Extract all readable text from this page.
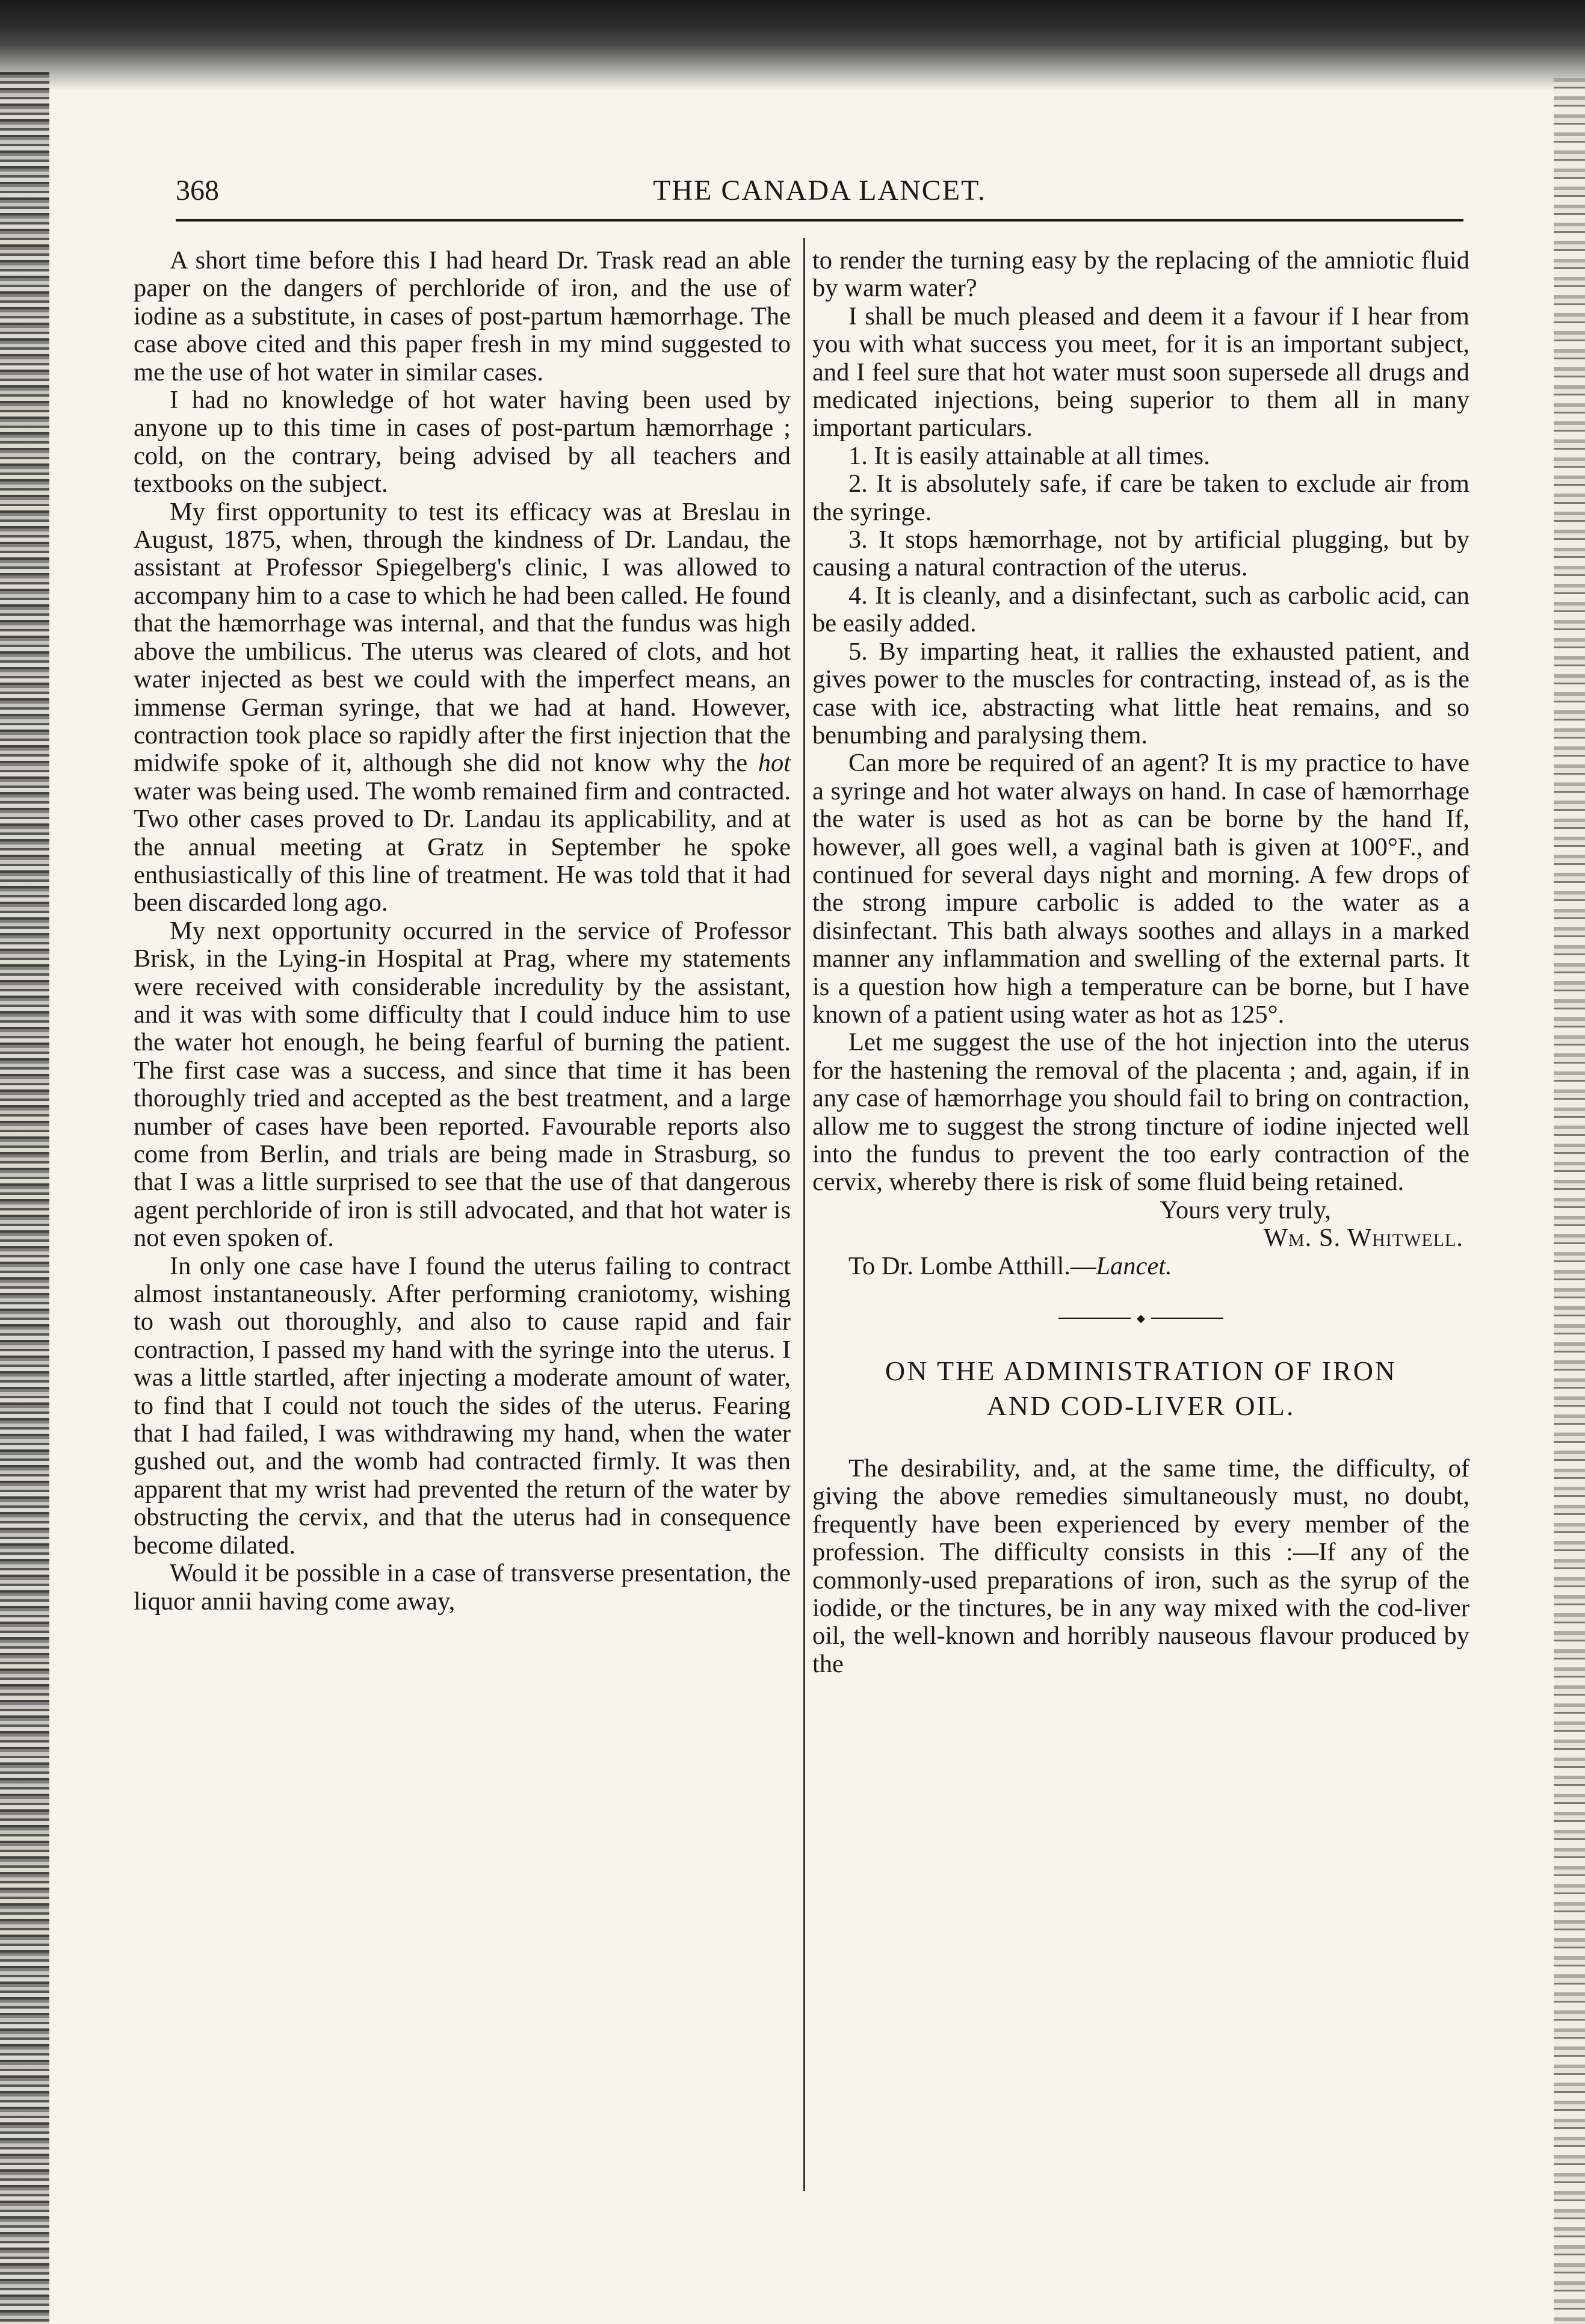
368	THE CANADA LANCET.

A short time before this I had heard Dr. Trask read an able paper on the dangers of perchloride of iron, and the use of iodine as a substitute, in cases of post-partum hæmorrhage. The case above cited and this paper fresh in my mind suggested to me the use of hot water in similar cases.

I had no knowledge of hot water having been used by anyone up to this time in cases of post-partum hæmorrhage ; cold, on the contrary, being advised by all teachers and textbooks on the subject.

My first opportunity to test its efficacy was at Breslau in August, 1875, when, through the kindness of Dr. Landau, the assistant at Professor Spiegelberg's clinic, I was allowed to accompany him to a case to which he had been called. He found that the hæmorrhage was internal, and that the fundus was high above the umbilicus. The uterus was cleared of clots, and hot water injected as best we could with the imperfect means, an immense German syringe, that we had at hand. However, contraction took place so rapidly after the first injection that the midwife spoke of it, although she did not know why the hot water was being used. The womb remained firm and contracted. Two other cases proved to Dr. Landau its applicability, and at the annual meeting at Gratz in September he spoke enthusiastically of this line of treatment. He was told that it had been discarded long ago.

My next opportunity occurred in the service of Professor Brisk, in the Lying-in Hospital at Prag, where my statements were received with considerable incredulity by the assistant, and it was with some difficulty that I could induce him to use the water hot enough, he being fearful of burning the patient. The first case was a success, and since that time it has been thoroughly tried and accepted as the best treatment, and a large number of cases have been reported. Favourable reports also come from Berlin, and trials are being made in Strasburg, so that I was a little surprised to see that the use of that dangerous agent perchloride of iron is still advocated, and that hot water is not even spoken of.

In only one case have I found the uterus failing to contract almost instantaneously. After performing craniotomy, wishing to wash out thoroughly, and also to cause rapid and fair contraction, I passed my hand with the syringe into the uterus. I was a little startled, after injecting a moderate amount of water, to find that I could not touch the sides of the uterus. Fearing that I had failed, I was withdrawing my hand, when the water gushed out, and the womb had contracted firmly. It was then apparent that my wrist had prevented the return of the water by obstructing the cervix, and that the uterus had in consequence become dilated.

Would it be possible in a case of transverse presentation, the liquor annii having come away,

to render the turning easy by the replacing of the amniotic fluid by warm water?

I shall be much pleased and deem it a favour if I hear from you with what success you meet, for it is an important subject, and I feel sure that hot water must soon supersede all drugs and medicated injections, being superior to them all in many important particulars.

1. It is easily attainable at all times.

2. It is absolutely safe, if care be taken to exclude air from the syringe.

3. It stops hæmorrhage, not by artificial plugging, but by causing a natural contraction of the uterus.

4. It is cleanly, and a disinfectant, such as carbolic acid, can be easily added.

5. By imparting heat, it rallies the exhausted patient, and gives power to the muscles for contracting, instead of, as is the case with ice, abstracting what little heat remains, and so benumbing and paralysing them.

Can more be required of an agent? It is my practice to have a syringe and hot water always on hand. In case of hæmorrhage the water is used as hot as can be borne by the hand If, however, all goes well, a vaginal bath is given at 100°F., and continued for several days night and morning. A few drops of the strong impure carbolic is added to the water as a disinfectant. This bath always soothes and allays in a marked manner any inflammation and swelling of the external parts. It is a question how high a temperature can be borne, but I have known of a patient using water as hot as 125°.

Let me suggest the use of the hot injection into the uterus for the hastening the removal of the placenta ; and, again, if in any case of hæmorrhage you should fail to bring on contraction, allow me to suggest the strong tincture of iodine injected well into the fundus to prevent the too early contraction of the cervix, whereby there is risk of some fluid being retained.

Yours very truly,

Wm. S. Whitwell.

To Dr. Lombe Atthill.—Lancet.

◆
ON THE ADMINISTRATION OF IRON
AND COD-LIVER OIL.

The desirability, and, at the same time, the difficulty, of giving the above remedies simultaneously must, no doubt, frequently have been experienced by every member of the profession. The difficulty consists in this :—If any of the commonly-used preparations of iron, such as the syrup of the iodide, or the tinctures, be in any way mixed with the cod-liver oil, the well-known and horribly nauseous flavour produced by the
